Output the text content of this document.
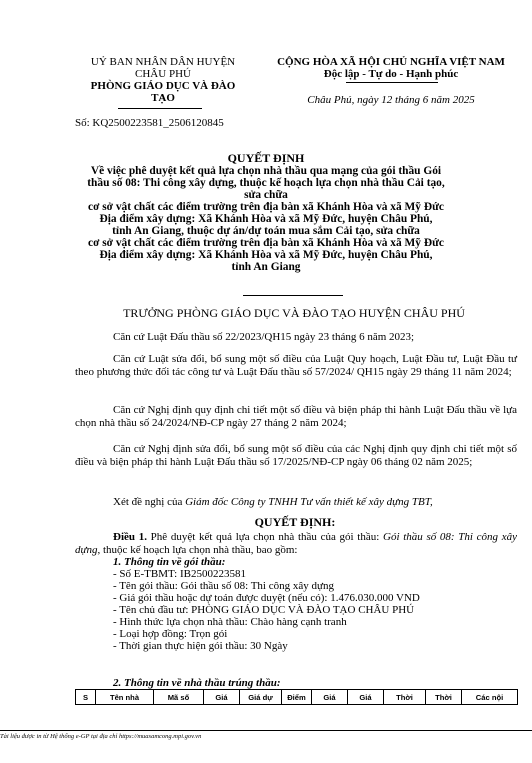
UỶ BAN NHÂN DÂN HUYỆN
CHÂU PHÚ
PHÒNG GIÁO DỤC VÀ ĐÀO
TẠO
CỘNG HÒA XÃ HỘI CHỦ NGHĨA VIỆT NAM
Độc lập - Tự do - Hạnh phúc
Châu Phú, ngày 12 tháng 6 năm 2025
Số: KQ2500223581_2506120845
QUYẾT ĐỊNH
Về việc phê duyệt kết quả lựa chọn nhà thầu qua mạng của gói thầu Gói
thầu số 08: Thi công xây dựng, thuộc kế hoạch lựa chọn nhà thầu Cải tạo,
sửa chữa
cơ sở vật chất các điểm trường trên địa bàn xã Khánh Hòa và xã Mỹ Đức
Địa điểm xây dựng: Xã Khánh Hòa và xã Mỹ Đức, huyện Châu Phú,
tỉnh An Giang, thuộc dự án/dự toán mua sắm Cải tạo, sửa chữa
cơ sở vật chất các điểm trường trên địa bàn xã Khánh Hòa và xã Mỹ Đức
Địa điểm xây dựng: Xã Khánh Hòa và xã Mỹ Đức, huyện Châu Phú,
tỉnh An Giang
TRƯỞNG PHÒNG GIÁO DỤC VÀ ĐÀO TẠO HUYỆN CHÂU PHÚ
Căn cứ Luật Đấu thầu số 22/2023/QH15 ngày 23 tháng 6 năm 2023;
Căn cứ Luật sửa đổi, bổ sung một số điều của Luật Quy hoạch, Luật Đầu tư, Luật Đầu tư theo phương thức đối tác công tư và Luật Đấu thầu số 57/2024/ QH15 ngày 29 tháng 11 năm 2024;
Căn cứ Nghị định quy định chi tiết một số điều và biện pháp thi hành Luật Đấu thầu về lựa chọn nhà thầu số 24/2024/NĐ-CP ngày 27 tháng 2 năm 2024;
Căn cứ Nghị định sửa đổi, bổ sung một số điều của các Nghị định quy định chi tiết một số điều và biện pháp thi hành Luật Đấu thầu số 17/2025/NĐ-CP ngày 06 tháng 02 năm 2025;
Xét đề nghị của Giám đốc Công ty TNHH Tư vấn thiết kế xây dựng TBT,
QUYẾT ĐỊNH:
Điều 1. Phê duyệt kết quả lựa chọn nhà thầu của gói thầu: Gói thầu số 08: Thi công xây dựng, thuộc kế hoạch lựa chọn nhà thầu, bao gồm:
1. Thông tin về gói thầu:
- Số E-TBMT: IB2500223581
- Tên gói thầu: Gói thầu số 08: Thi công xây dựng
- Giá gói thầu hoặc dự toán được duyệt (nếu có): 1.476.030.000 VND
- Tên chủ đầu tư: PHÒNG GIÁO DỤC VÀ ĐÀO TẠO CHÂU PHÚ
- Hình thức lựa chọn nhà thầu: Chào hàng cạnh tranh
- Loại hợp đồng: Trọn gói
- Thời gian thực hiện gói thầu: 30 Ngày
2. Thông tin về nhà thầu trúng thầu:
S	Tên nhà	Mã số	Giá	Giá dự	Điểm	Giá	Giá	Thời	Thời	Các nội
Tài liệu được in từ Hệ thống e-GP tại địa chỉ https://muasamcong.mpi.gov.vn
